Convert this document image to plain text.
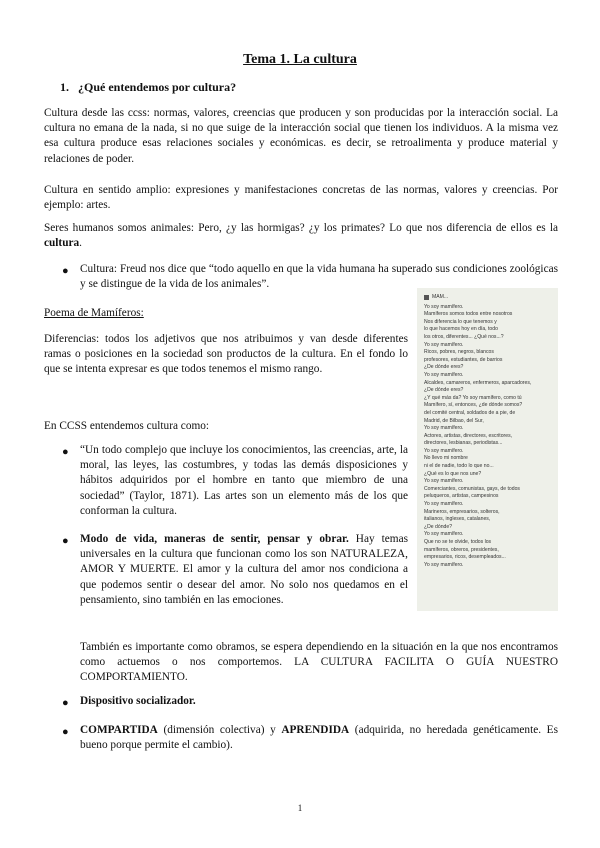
Tema 1. La cultura
1. ¿Qué entendemos por cultura?

Cultura desde las ccss: normas, valores, creencias que producen y son producidas por la interacción social. La cultura no emana de la nada, si no que suige de la interacción social que tienen los individuos. A la misma vez esa cultura produce esas relaciones sociales y económicas. es decir, se retroalimenta y produce material y relaciones de poder.

Cultura en sentido amplio: expresiones y manifestaciones concretas de las normas, valores y creencias. Por ejemplo: artes.

Seres humanos somos animales: Pero, ¿y las hormigas? ¿y los primates? Lo que nos diferencia de ellos es la cultura.

● Cultura: Freud nos dice que “todo aquello en que la vida humana ha superado sus condiciones zoológicas y se distingue de la vida de los animales”.

Poema de Mamíferos:

Diferencias: todos los adjetivos que nos atribuimos y van desde diferentes ramas o posiciones en la sociedad son productos de la cultura. En el fondo lo que se intenta expresar es que todos tenemos el mismo rango.

En CCSS entendemos cultura como:

● “Un todo complejo que incluye los conocimientos, las creencias, arte, la moral, las leyes, las costumbres, y todas las demás disposiciones y hábitos adquiridos por el hombre en tanto que miembro de una sociedad” (Taylor, 1871). Las artes son un elemento más de los que conforman la cultura.

● Modo de vida, maneras de sentir, pensar y obrar. Hay temas universales en la cultura que funcionan como los son NATURALEZA, AMOR Y MUERTE. El amor y la cultura del amor nos condiciona a que podemos sentir o desear del amor. No solo nos quedamos en el pensamiento, sino también en las emociones.

También es importante como obramos, se espera dependiendo en la situación en la que nos encontramos como actuemos o nos comportemos. LA CULTURA FACILITA O GUÍA NUESTRO COMPORTAMIENTO.

● Dispositivo socializador.

● COMPARTIDA (dimensión colectiva) y APRENDIDA (adquirida, no heredada genéticamente. Es bueno porque permite el cambio).

MAM...
Yo soy mamífero.
Mamíferos somos todos entre nosotros
Nos diferencia lo que tenemos y
lo que hacemos hoy en día, todo
los otros, diferentes... ¿Qué nos...?
Yo soy mamífero.
Ricos, pobres, negros, blancos
profesores, estudiantes, de barrios
¿De dónde eres?
Yo soy mamífero.
Alcaldes, camareros, enfermeros, aparcadores,
¿De dónde eres?
¿Y qué más da? Yo soy mamífero, como tú
Mamífero, sí, entonces, ¿de dónde somos?
del comité central, soldados de a pie, de
Madrid, de Bilbao, del Sur,
Yo soy mamífero.
Actores, artistas, directores, escritores,
directores, lesbianas, periodistas...
Yo soy mamífero.
No llevo mi nombre
ni el de nadie, todo lo que no...
¿Qué es lo que nos une?
Yo soy mamífero.
Comerciantes, comunistas, gays, de todos
peluqueros, artistas, campesinos
Yo soy mamífero.
Marineros, empresarios, solteros,
italianos, ingleses, catalanes,
¿De dónde?
Yo soy mamífero.
Que no se te olvide, todos los
mamíferos, obreros, presidentes,
empresarios, ricos, desempleados...
Yo soy mamífero.
1
